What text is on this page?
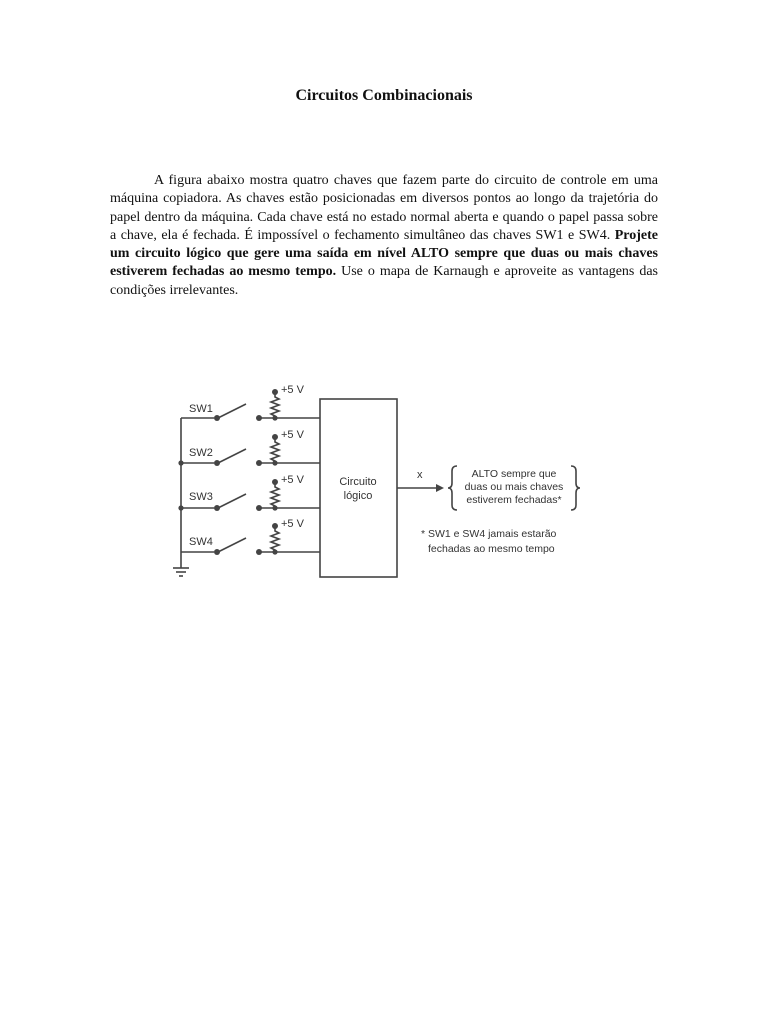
Circuitos Combinacionais

A figura abaixo mostra quatro chaves que fazem parte do circuito de controle em uma máquina copiadora. As chaves estão posicionadas em diversos pontos ao longo da trajetória do papel dentro da máquina. Cada chave está no estado normal aberta e quando o papel passa sobre a chave, ela é fechada. É impossível o fechamento simultâneo das chaves SW1 e SW4. Projete um circuito lógico que gere uma saída em nível ALTO sempre que duas ou mais chaves estiverem fechadas ao mesmo tempo. Use o mapa de Karnaugh e aproveite as vantagens das condições irrelevantes.

SW1
SW2
SW3
SW4
+5 V
+5 V
+5 V
+5 V
Circuito
lógico
x	ALTO sempre que
duas ou mais chaves
estiverem fechadas*
* SW1 e SW4 jamais estarão
fechadas ao mesmo tempo
